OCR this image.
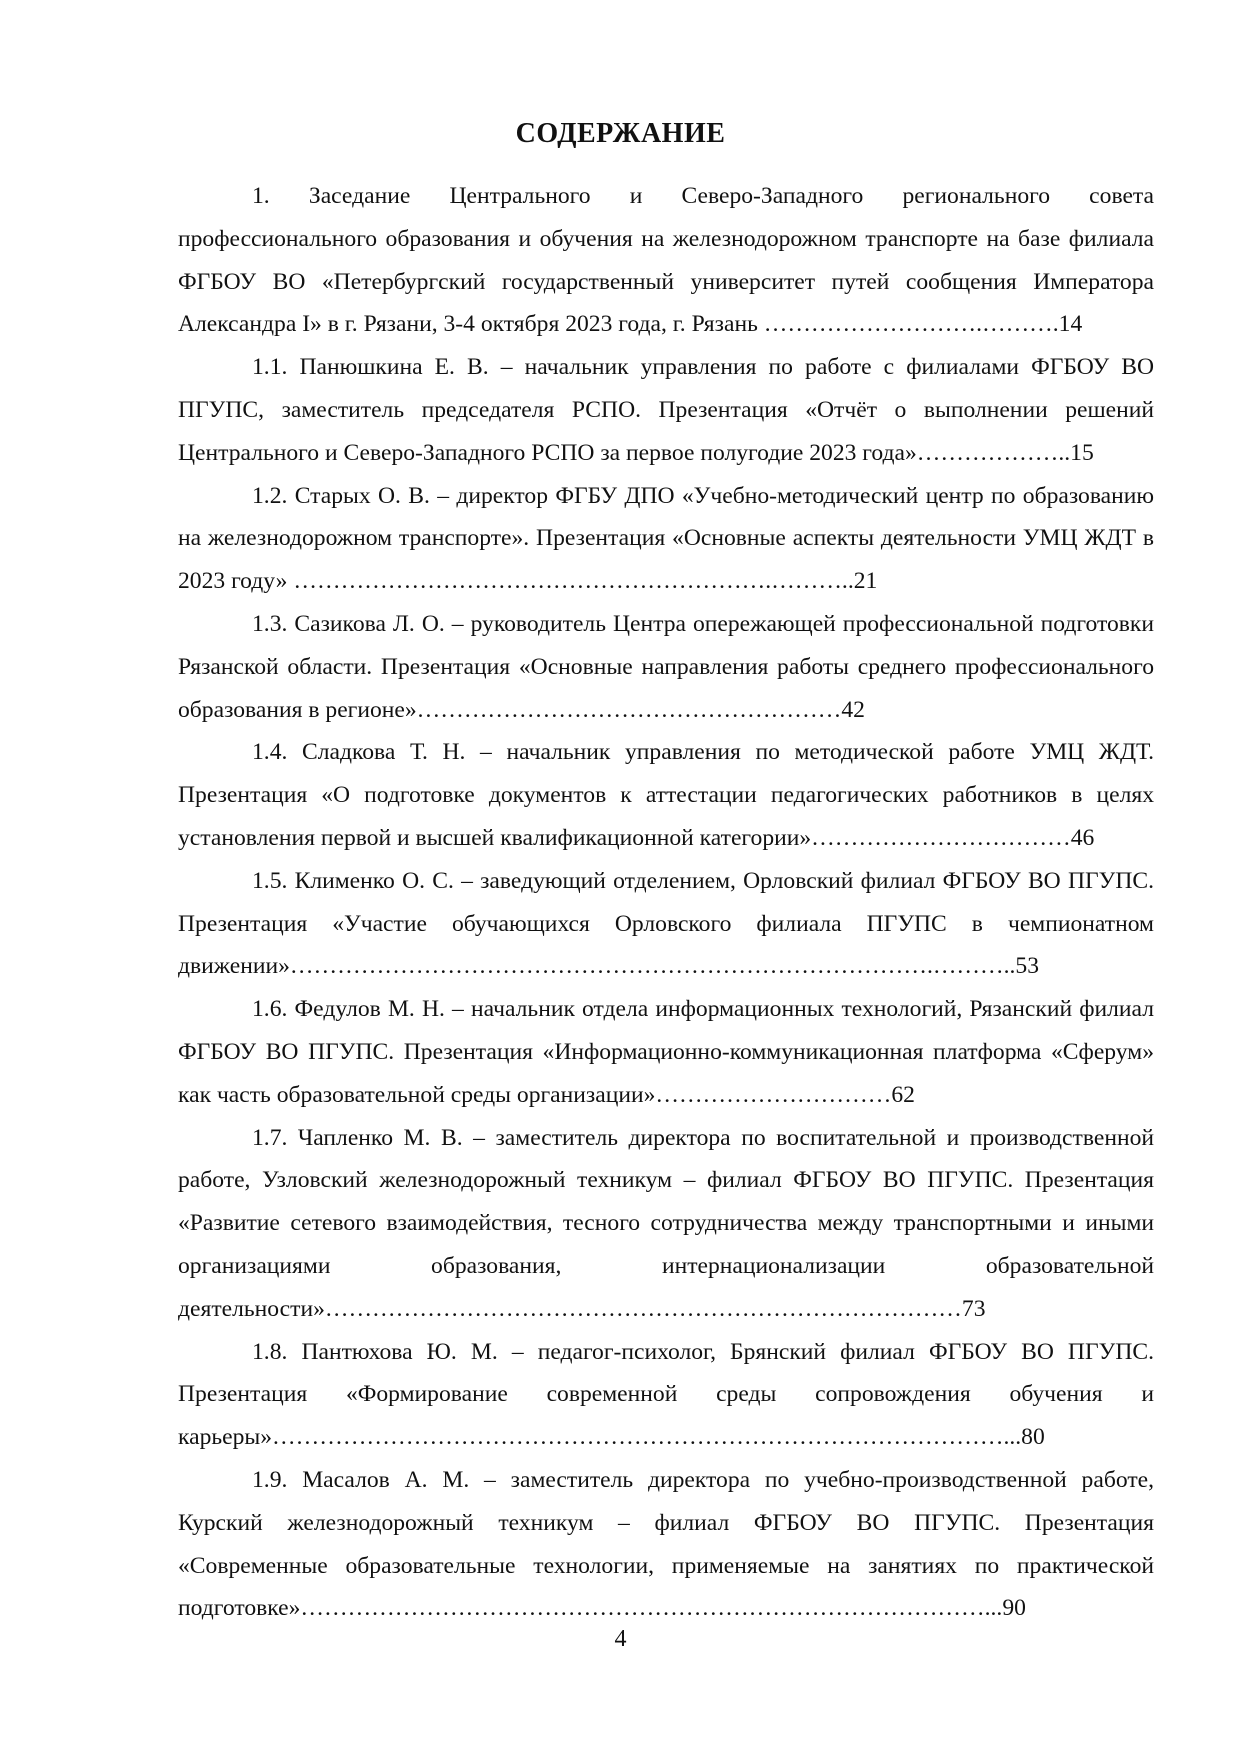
СОДЕРЖАНИЕ

1. Заседание Центрального и Северо-Западного регионального совета профессионального образования и обучения на железнодорожном транспорте на базе филиала ФГБОУ ВО «Петербургский государственный университет путей сообщения Императора Александра I» в г. Рязани, 3-4 октября 2023 года, г. Рязань ……………………….……….14

1.1. Панюшкина Е. В. – начальник управления по работе с филиалами ФГБОУ ВО ПГУПС, заместитель председателя РСПО. Презентация «Отчёт о выполнении решений Центрального и Северо-Западного РСПО за первое полугодие 2023 года»………………..15

1.2. Старых О. В. – директор ФГБУ ДПО «Учебно-методический центр по образованию на железнодорожном транспорте». Презентация «Основные аспекты деятельности УМЦ ЖДТ в 2023 году» …………………………………………………….………..21

1.3. Сазикова Л. О. – руководитель Центра опережающей профессиональной подготовки Рязанской области. Презентация «Основные направления работы среднего профессионального образования в регионе»………………………………………………42

1.4. Сладкова Т. Н. – начальник управления по методической работе УМЦ ЖДТ. Презентация «О подготовке документов к аттестации педагогических работников в целях установления первой и высшей квалификационной категории»……………………………46

1.5. Клименко О. С. – заведующий отделением, Орловский филиал ФГБОУ ВО ПГУПС. Презентация «Участие обучающихся Орловского филиала ПГУПС в чемпионатном движении»……………………………………………………………………….………..53

1.6. Федулов М. Н. – начальник отдела информационных технологий, Рязанский филиал ФГБОУ ВО ПГУПС. Презентация «Информационно-коммуникационная платформа «Сферум» как часть образовательной среды организации»…………………………62

1.7. Чапленко М. В. – заместитель директора по воспитательной и производственной работе, Узловский железнодорожный техникум – филиал ФГБОУ ВО ПГУПС. Презентация «Развитие сетевого взаимодействия, тесного сотрудничества между транспортными и иными организациями образования, интернационализации образовательной деятельности»………………………………………………………………………73

1.8. Пантюхова Ю. М. – педагог-психолог, Брянский филиал ФГБОУ ВО ПГУПС. Презентация «Формирование современной среды сопровождения обучения и карьеры»…………………………………………………………………………………...80

1.9. Масалов А. М. – заместитель директора по учебно-производственной работе, Курский железнодорожный техникум – филиал ФГБОУ ВО ПГУПС. Презентация «Современные образовательные технологии, применяемые на занятиях по практической подготовке»……………………………………………………………………………...90

4
